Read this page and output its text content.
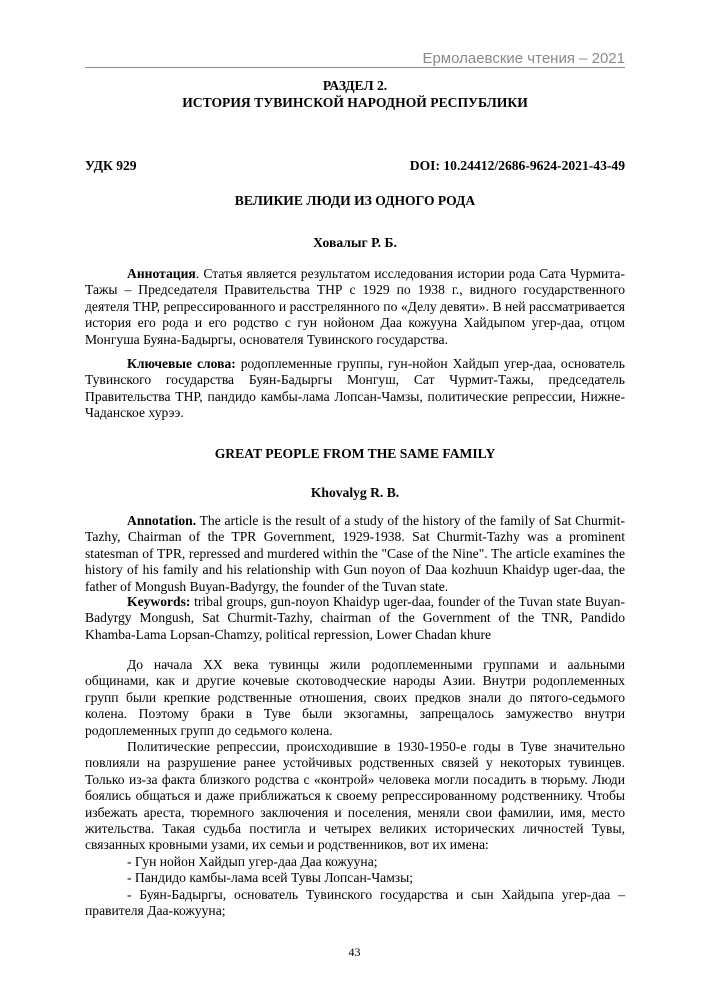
Ермолаевские чтения – 2021
РАЗДЕЛ 2.
ИСТОРИЯ ТУВИНСКОЙ НАРОДНОЙ РЕСПУБЛИКИ
УДК 929	DOI: 10.24412/2686-9624-2021-43-49
ВЕЛИКИЕ ЛЮДИ ИЗ ОДНОГО РОДА
Ховалыг Р. Б.

Аннотация. Статья является результатом исследования истории рода Сата Чурмита-Тажы – Председателя Правительства ТНР с 1929 по 1938 г., видного государственного деятеля ТНР, репрессированного и расстрелянного по «Делу девяти». В ней рассматривается история его рода и его родство с гун нойоном Даа кожууна Хайдыпом угер-даа, отцом Монгуша Буяна-Бадыргы, основателя Тувинского государства.

Ключевые слова: родоплеменные группы, гун-нойон Хайдып угер-даа, основатель Тувинского государства Буян-Бадыргы Монгуш, Сат Чурмит-Тажы, председатель Правительства ТНР, пандидо камбы-лама Лопсан-Чамзы, политические репрессии, Нижне-Чаданское хурээ.

GREAT PEOPLE FROM THE SAME FAMILY
Khovalyg R. B.

Annotation. The article is the result of a study of the history of the family of Sat Churmit-Tazhy, Chairman of the TPR Government, 1929-1938. Sat Churmit-Tazhy was a prominent statesman of TPR, repressed and murdered within the "Case of the Nine". The article examines the history of his family and his relationship with Gun noyon of Daa kozhuun Khaidyp uger-daa, the father of Mongush Buyan-Badyrgy, the founder of the Tuvan state.

Keywords: tribal groups, gun-noyon Khaidyp uger-daa, founder of the Tuvan state Buyan-Badyrgy Mongush, Sat Churmit-Tazhy, chairman of the Government of the TNR, Pandido Khamba-Lama Lopsan-Chamzy, political repression, Lower Chadan khure

До начала XX века тувинцы жили родоплеменными группами и аальными общинами, как и другие кочевые скотоводческие народы Азии. Внутри родоплеменных групп были крепкие родственные отношения, своих предков знали до пятого-седьмого колена. Поэтому браки в Туве были экзогамны, запрещалось замужество внутри родоплеменных групп до седьмого колена.

Политические репрессии, происходившие в 1930-1950-е годы в Туве значительно повлияли на разрушение ранее устойчивых родственных связей у некоторых тувинцев. Только из-за факта близкого родства с «контрой» человека могли посадить в тюрьму. Люди боялись общаться и даже приближаться к своему репрессированному родственнику. Чтобы избежать ареста, тюремного заключения и поселения, меняли свои фамилии, имя, место жительства. Такая судьба постигла и четырех великих исторических личностей Тувы, связанных кровными узами, их семьи и родственников, вот их имена:

- Гун нойон Хайдып угер-даа Даа кожууна;

- Пандидо камбы-лама всей Тувы Лопсан-Чамзы;

- Буян-Бадыргы, основатель Тувинского государства и сын Хайдыпа угер-даа – правителя Даа-кожууна;

43
